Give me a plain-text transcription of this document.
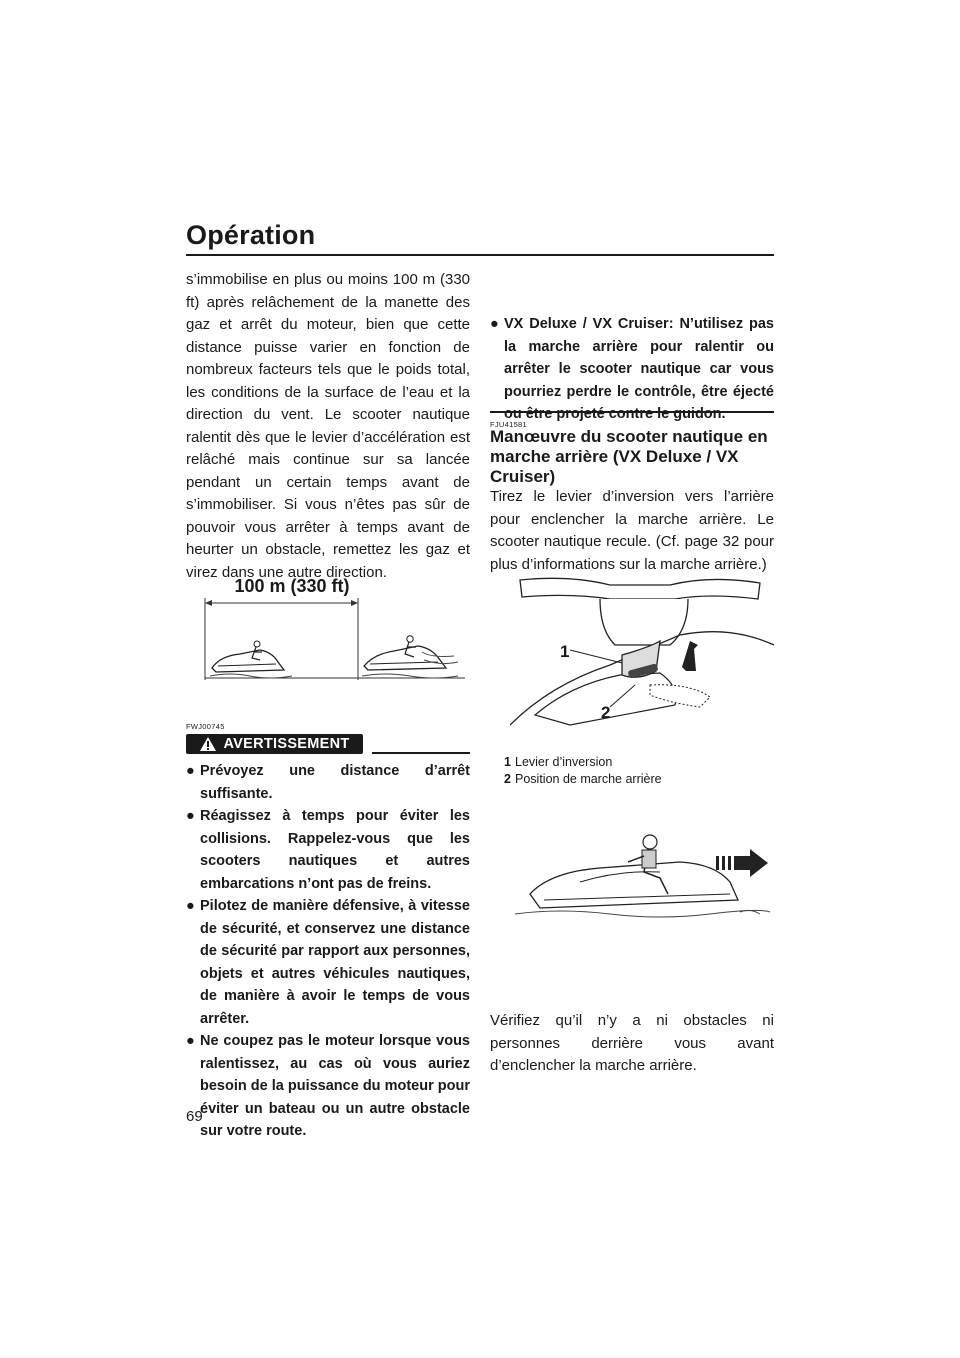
Opération
69
s’immobilise en plus ou moins 100 m (330 ft) après relâchement de la manette des gaz et arrêt du moteur, bien que cette distance puisse varier en fonction de nombreux facteurs tels que le poids total, les conditions de la surface de l’eau et la direction du vent. Le scooter nautique ralentit dès que le levier d’accélération est relâché mais continue sur sa lancée pendant un certain temps avant de s’immobiliser. Si vous n’êtes pas sûr de pouvoir vous arrêter à temps avant de heurter un obstacle, remettez les gaz et virez dans une autre direction.
100 m (330 ft)
FWJ00745
AVERTISSEMENT
● Prévoyez une distance d’arrêt suffisante.
● Réagissez à temps pour éviter les collisions. Rappelez-vous que les scooters nautiques et autres embarcations n’ont pas de freins.
● Pilotez de manière défensive, à vitesse de sécurité, et conservez une distance de sécurité par rapport aux personnes, objets et autres véhicules nautiques, de manière à avoir le temps de vous arrêter.
● Ne coupez pas le moteur lorsque vous ralentissez, au cas où vous auriez besoin de la puissance du moteur pour éviter un bateau ou un autre obstacle sur votre route.
● VX Deluxe / VX Cruiser: N’utilisez pas la marche arrière pour ralentir ou arrêter le scooter nautique car vous pourriez perdre le contrôle, être éjecté ou être projeté contre le guidon.
FJU41581
Manœuvre du scooter nautique en marche arrière (VX Deluxe / VX Cruiser)
Tirez le levier d’inversion vers l’arrière pour enclencher la marche arrière. Le scooter nautique recule. (Cf. page 32 pour plus d’informations sur la marche arrière.)
1
2
1 Levier d’inversion
2 Position de marche arrière
Vérifiez qu’il n’y a ni obstacles ni personnes derrière vous avant d’enclencher la marche arrière.
